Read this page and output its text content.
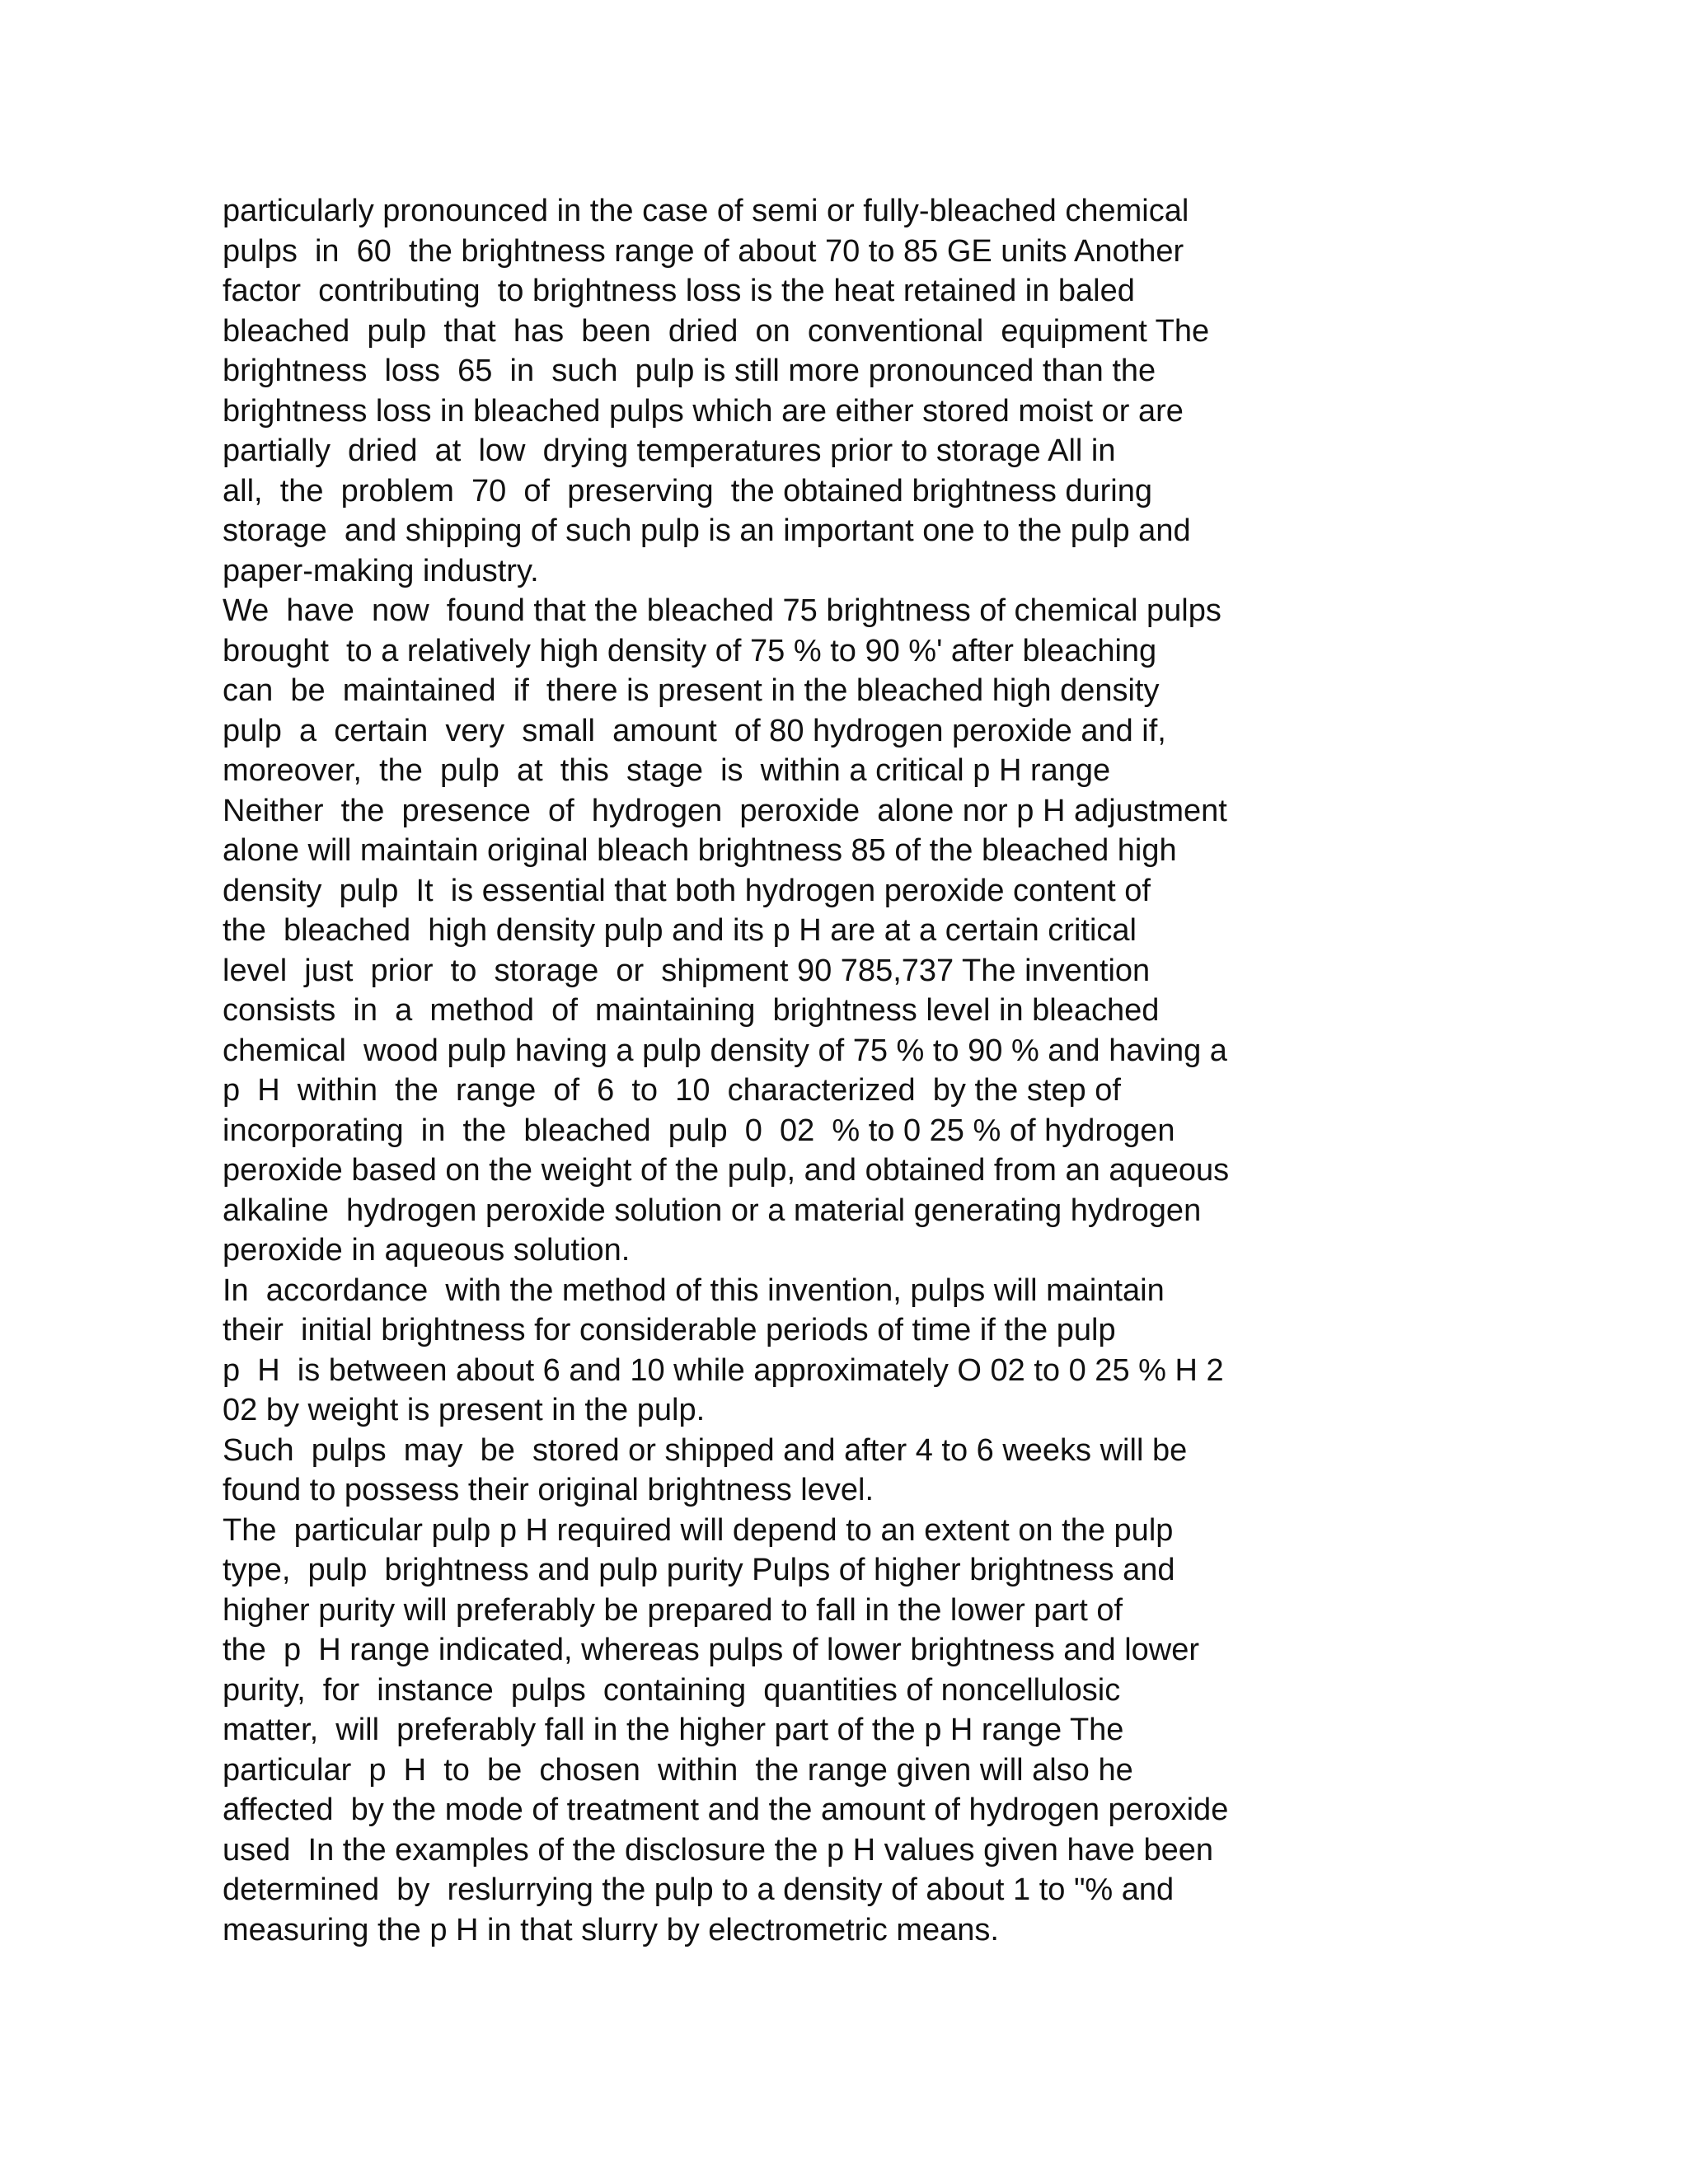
particularly pronounced in the case of semi or fully-bleached chemical
pulps  in  60  the brightness range of about 70 to 85 GE units Another
factor  contributing  to brightness loss is the heat retained in baled
bleached  pulp  that  has  been  dried  on  conventional  equipment The
brightness  loss  65  in  such  pulp is still more pronounced than the
brightness loss in bleached pulps which are either stored moist or are
partially  dried  at  low  drying temperatures prior to storage All in
all,  the  problem  70  of  preserving  the obtained brightness during
storage  and shipping of such pulp is an important one to the pulp and
paper-making industry.
We  have  now  found that the bleached 75 brightness of chemical pulps
brought  to a relatively high density of 75 % to 90 %' after bleaching
can  be  maintained  if  there is present in the bleached high density
pulp  a  certain  very  small  amount  of 80 hydrogen peroxide and if,
moreover,  the  pulp  at  this  stage  is  within a critical p H range
Neither  the  presence  of  hydrogen  peroxide  alone nor p H adjustment
alone will maintain original bleach brightness 85 of the bleached high
density  pulp  It  is essential that both hydrogen peroxide content of
the  bleached  high density pulp and its p H are at a certain critical
level  just  prior  to  storage  or  shipment 90 785,737 The invention
consists  in  a  method  of  maintaining  brightness level in bleached
chemical  wood pulp having a pulp density of 75 % to 90 % and having a
p  H  within  the  range  of  6  to  10  characterized  by the step of
incorporating  in  the  bleached  pulp  0  02  % to 0 25 % of hydrogen
peroxide based on the weight of the pulp, and obtained from an aqueous
alkaline  hydrogen peroxide solution or a material generating hydrogen
peroxide in aqueous solution.
In  accordance  with the method of this invention, pulps will maintain
their  initial brightness for considerable periods of time if the pulp
p  H  is between about 6 and 10 while approximately O 02 to 0 25 % H 2
02 by weight is present in the pulp.
Such  pulps  may  be  stored or shipped and after 4 to 6 weeks will be
found to possess their original brightness level.
The  particular pulp p H required will depend to an extent on the pulp
type,  pulp  brightness and pulp purity Pulps of higher brightness and
higher purity will preferably be prepared to fall in the lower part of
the  p  H range indicated, whereas pulps of lower brightness and lower
purity,  for  instance  pulps  containing  quantities of noncellulosic
matter,  will  preferably fall in the higher part of the p H range The
particular  p  H  to  be  chosen  within  the range given will also he
affected  by the mode of treatment and the amount of hydrogen peroxide
used  In the examples of the disclosure the p H values given have been
determined  by  reslurrying the pulp to a density of about 1 to "% and
measuring the p H in that slurry by electrometric means.
